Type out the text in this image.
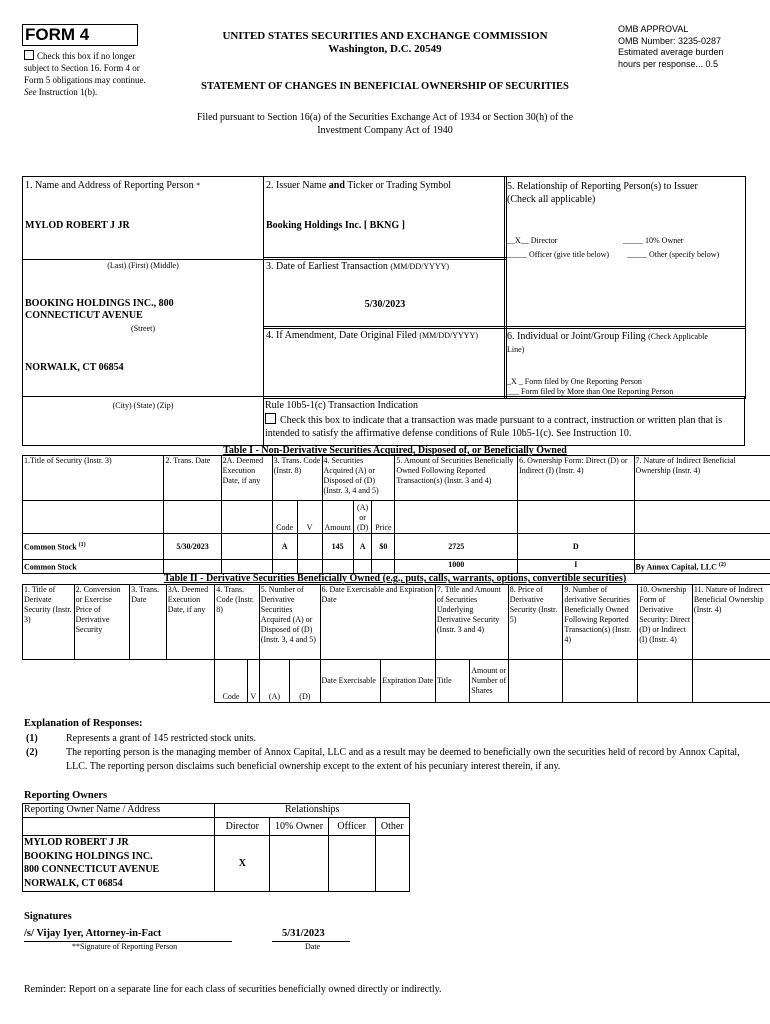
FORM 4
Check this box if no longer subject to Section 16. Form 4 or Form 5 obligations may continue. See Instruction 1(b).
UNITED STATES SECURITIES AND EXCHANGE COMMISSION
Washington, D.C. 20549
STATEMENT OF CHANGES IN BENEFICIAL OWNERSHIP OF SECURITIES
OMB APPROVAL
OMB Number: 3235-0287
Estimated average burden
hours per response... 0.5
Filed pursuant to Section 16(a) of the Securities Exchange Act of 1934 or Section 30(h) of the
Investment Company Act of 1940
1. Name and Address of Reporting Person *
MYLOD ROBERT J JR
(Last) (First) (Middle)
BOOKING HOLDINGS INC., 800 CONNECTICUT AVENUE
(Street)
NORWALK, CT 06854
(City) (State) (Zip)
2. Issuer Name and Ticker or Trading Symbol
Booking Holdings Inc. [ BKNG ]
3. Date of Earliest Transaction (MM/DD/YYYY)
5/30/2023
4. If Amendment, Date Original Filed (MM/DD/YYYY)
Rule 10b5-1(c) Transaction Indication
Check this box to indicate that a transaction was made pursuant to a contract, instruction or written plan that is intended to satisfy the affirmative defense conditions of Rule 10b5-1(c). See Instruction 10.
5. Relationship of Reporting Person(s) to Issuer
(Check all applicable)
__X__ Director	_____ 10% Owner
_____ Officer (give title below) _____ Other (specify below)
6. Individual or Joint/Group Filing (Check Applicable
Line)
_X _ Form filed by One Reporting Person
___ Form filed by More than One Reporting Person
Table I - Non-Derivative Securities Acquired, Disposed of, or Beneficially Owned
1.Title of Security (Instr. 3)	2. Trans. Date	2A. Deemed Execution Date, if any	3. Trans. Code (Instr. 8)		4. Securities Acquired (A) or Disposed of (D) (Instr. 3, 4 and 5)			5. Amount of Securities Beneficially Owned Following Reported Transaction(s) (Instr. 3 and 4)	6. Ownership Form: Direct (D) or Indirect (I) (Instr. 4)	7. Nature of Indirect Beneficial Ownership (Instr. 4)
			Code	V	Amount	(A) or (D)	Price			
Common Stock $^{(1)}$	5/30/2023		A		145	A	$0	2725	D	
Common Stock								1000	I	By Annox Capital, LLC $^{(2)}$
Table II - Derivative Securities Beneficially Owned (e.g., puts, calls, warrants, options, convertible securities)
1. Title of Derivate Security (Instr. 3)	2. Conversion or Exercise Price of Derivative Security	3. Trans. Date	3A. Deemed Execution Date, if any	4. Trans. Code (Instr. 8)		5. Number of Derivative Securities Acquired (A) or Disposed of (D) (Instr. 3, 4 and 5)		6. Date Exercisable and Expiration Date		7. Title and Amount of Securities Underlying Derivative Security (Instr. 3 and 4)		8. Price of Derivative Security (Instr. 5)	9. Number of derivative Securities Beneficially Owned Following Reported Transaction(s) (Instr. 4)	10. Ownership Form of Derivative Security: Direct (D) or Indirect (I) (Instr. 4)	11. Nature of Indirect Beneficial Ownership (Instr. 4)
				Code	V	(A)	(D)	Date Exercisable	Expiration Date	Title	Amount or Number of Shares				
Explanation of Responses:
(1)	Represents a grant of 145 restricted stock units.
(2)	The reporting person is the managing member of Annox Capital, LLC and as a result may be deemed to beneficially own the securities held of record by Annox Capital, LLC. The reporting person disclaims such beneficial ownership except to the extent of his pecuniary interest therein, if any.
Reporting Owners
Reporting Owner Name / Address	Relationships			
	Director	10% Owner	Officer	Other

MYLOD ROBERT J JR
BOOKING HOLDINGS INC.
800 CONNECTICUT AVENUE
NORWALK, CT 06854	X			
Signatures
/s/ Vijay Iyer, Attorney-in-Fact
**Signature of Reporting Person
5/31/2023
Date
Reminder: Report on a separate line for each class of securities beneficially owned directly or indirectly.
